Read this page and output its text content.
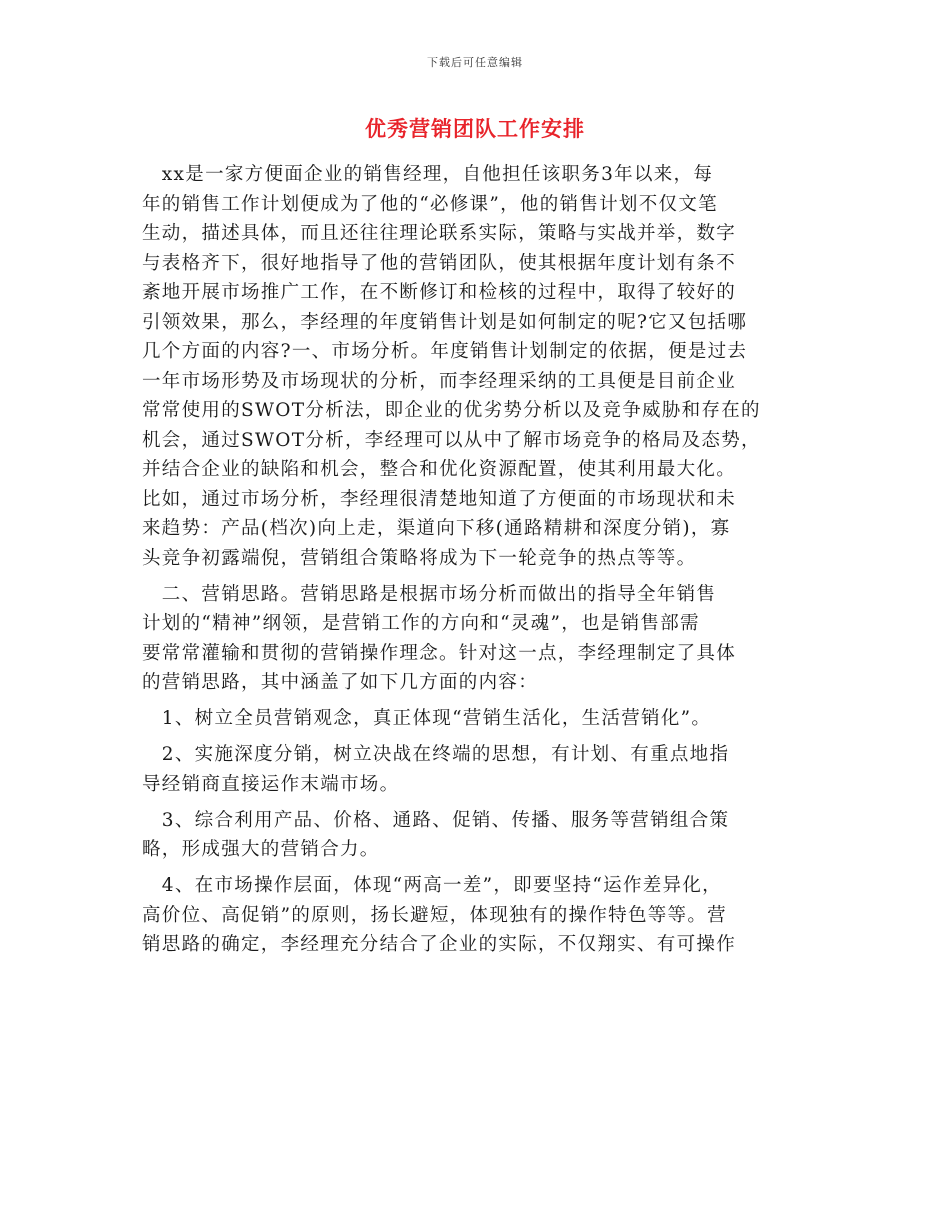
下载后可任意编辑
优秀营销团队工作安排
　xx是一家方便面企业的销售经理，自他担任该职务3年以来，每
年的销售工作计划便成为了他的“必修课”，他的销售计划不仅文笔
生动，描述具体，而且还往往理论联系实际，策略与实战并举，数字
与表格齐下，很好地指导了他的营销团队，使其根据年度计划有条不
紊地开展市场推广工作，在不断修订和检核的过程中，取得了较好的
引领效果，那么，李经理的年度销售计划是如何制定的呢?它又包括哪
几个方面的内容?一、市场分析。年度销售计划制定的依据，便是过去
一年市场形势及市场现状的分析，而李经理采纳的工具便是目前企业
常常使用的SWOT分析法，即企业的优劣势分析以及竞争威胁和存在的
机会，通过SWOT分析，李经理可以从中了解市场竞争的格局及态势，
并结合企业的缺陷和机会，整合和优化资源配置，使其利用最大化。
比如，通过市场分析，李经理很清楚地知道了方便面的市场现状和未
来趋势：产品(档次)向上走，渠道向下移(通路精耕和深度分销)，寡
头竞争初露端倪，营销组合策略将成为下一轮竞争的热点等等。
　二、营销思路。营销思路是根据市场分析而做出的指导全年销售
计划的“精神”纲领，是营销工作的方向和“灵魂”，也是销售部需
要常常灌输和贯彻的营销操作理念。针对这一点，李经理制定了具体
的营销思路，其中涵盖了如下几方面的内容：
　1、树立全员营销观念，真正体现“营销生活化，生活营销化”。
　2、实施深度分销，树立决战在终端的思想，有计划、有重点地指
导经销商直接运作末端市场。
　3、综合利用产品、价格、通路、促销、传播、服务等营销组合策
略，形成强大的营销合力。
　4、在市场操作层面，体现“两高一差”，即要坚持“运作差异化，
高价位、高促销”的原则，扬长避短，体现独有的操作特色等等。营
销思路的确定，李经理充分结合了企业的实际，不仅翔实、有可操作
